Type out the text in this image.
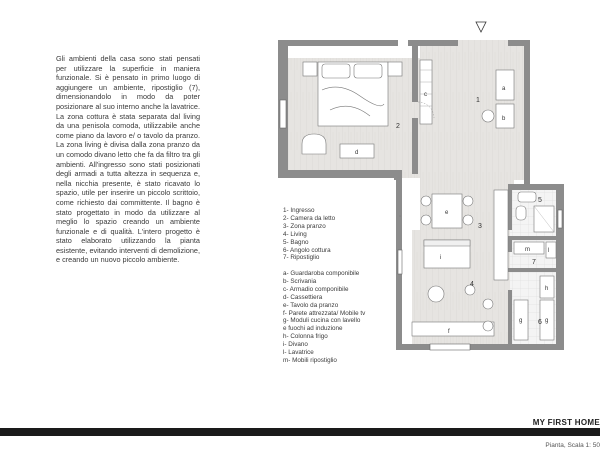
Gli ambienti della casa sono stati pensati per utilizzare la superficie in maniera funzionale. Si è pensato in primo luogo di aggiungere un ambiente, ripostiglio (7), dimensionandolo in modo da poter posizionare al suo interno anche la lavatrice. La zona cottura è stata separata dal living da una penisola comoda, utilizzabile anche come piano da lavoro e/ o tavolo da pranzo. La zona living è divisa dalla zona pranzo da un comodo divano letto che fa da filtro tra gli ambienti. All'ingresso sono stati posizionati degli armadi a tutta altezza in sequenza e, nella nicchia presente, è stato ricavato lo spazio, utile per inserire un piccolo scrittoio, come richiesto dai committente. Il bagno è stato progettato in modo da utilizzare al meglio lo spazio creando un ambiente funzionale e di qualità. L'intero progetto è stato elaborato utilizzando la pianta esistente, evitando interventi di demolizione, e creando un nuovo piccolo ambiente.
1
2
3
4
5
6
7
a
b
c
d
e
f
g	g
h
i
l
m
1- Ingresso
2- Camera da letto
3- Zona pranzo
4- Living
5- Bagno
6- Angolo cottura
7- Ripostiglio
a- Guardaroba componibile
b- Scrivania
c- Armadio componibile
d- Cassettiera
e- Tavolo da pranzo
f- Parete attrezzata/ Mobile tv
g- Moduli cucina con lavello
e fuochi ad induzione
h- Colonna frigo
i- Divano
l- Lavatrice
m- Mobili ripostiglio
MY FIRST HOME
Pianta, Scala 1: 50
